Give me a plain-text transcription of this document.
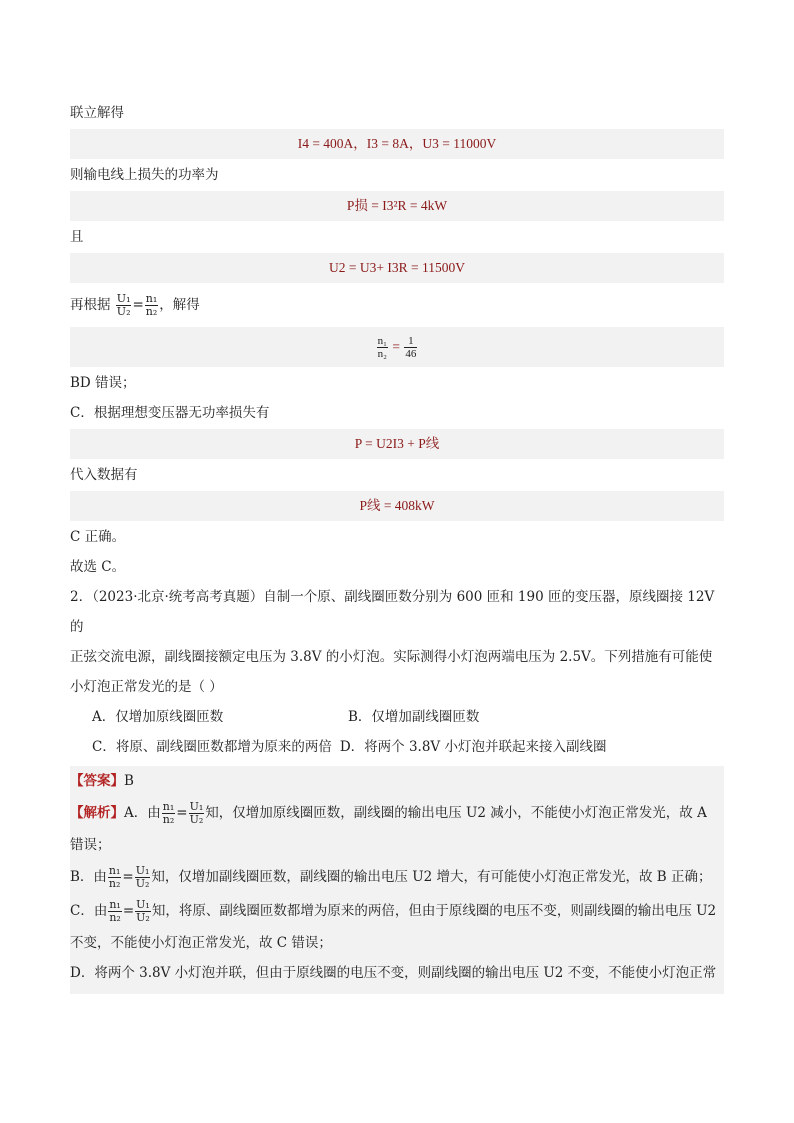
联立解得
I4 = 400A，I3 = 8A，U3 = 11000V
则输电线上损失的功率为
P损 = I3²R = 4kW
且
U2 = U3+ I3R = 11500V
再根据 $\frac{\text{U₁}}{\text{U₂}} = \frac{\text{n₁}}{\text{n₂}}$ ，解得
$\frac{\text{n₁}}{\text{n₂}} = \frac{1}{46}$
BD 错误；
C．根据理想变压器无功率损失有
P = U2I3 + P线
代入数据有
P线 = 408kW
C 正确。
故选 C。
2．（2023·北京·统考高考真题）自制一个原、副线圈匝数分别为 600 匝和 190 匝的变压器，原线圈接 12V 的
正弦交流电源，副线圈接额定电压为 3.8V 的小灯泡。实际测得小灯泡两端电压为 2.5V。下列措施有可能使
小灯泡正常发光的是（ ）
A．仅增加原线圈匝数	B．仅增加副线圈匝数
C．将原、副线圈匝数都增为原来的两倍 D．将两个 3.8V 小灯泡并联起来接入副线圈
【答案】B
【解析】A．由 $\frac{\text{n₁}}{\text{n₂}} = \frac{\text{U₁}}{\text{U₂}}$ 知，仅增加原线圈匝数，副线圈的输出电压 U2 减小，不能使小灯泡正常发光，故 A
错误；
B．由 $\frac{\text{n₁}}{\text{n₂}} = \frac{\text{U₁}}{\text{U₂}}$ 知，仅增加副线圈匝数，副线圈的输出电压 U2 增大，有可能使小灯泡正常发光，故 B 正确；
C．由 $\frac{\text{n₁}}{\text{n₂}} = \frac{\text{U₁}}{\text{U₂}}$ 知，将原、副线圈匝数都增为原来的两倍，但由于原线圈的电压不变，则副线圈的输出电压 U2
不变，不能使小灯泡正常发光，故 C 错误；
D．将两个 3.8V 小灯泡并联，但由于原线圈的电压不变，则副线圈的输出电压 U2 不变，不能使小灯泡正常
